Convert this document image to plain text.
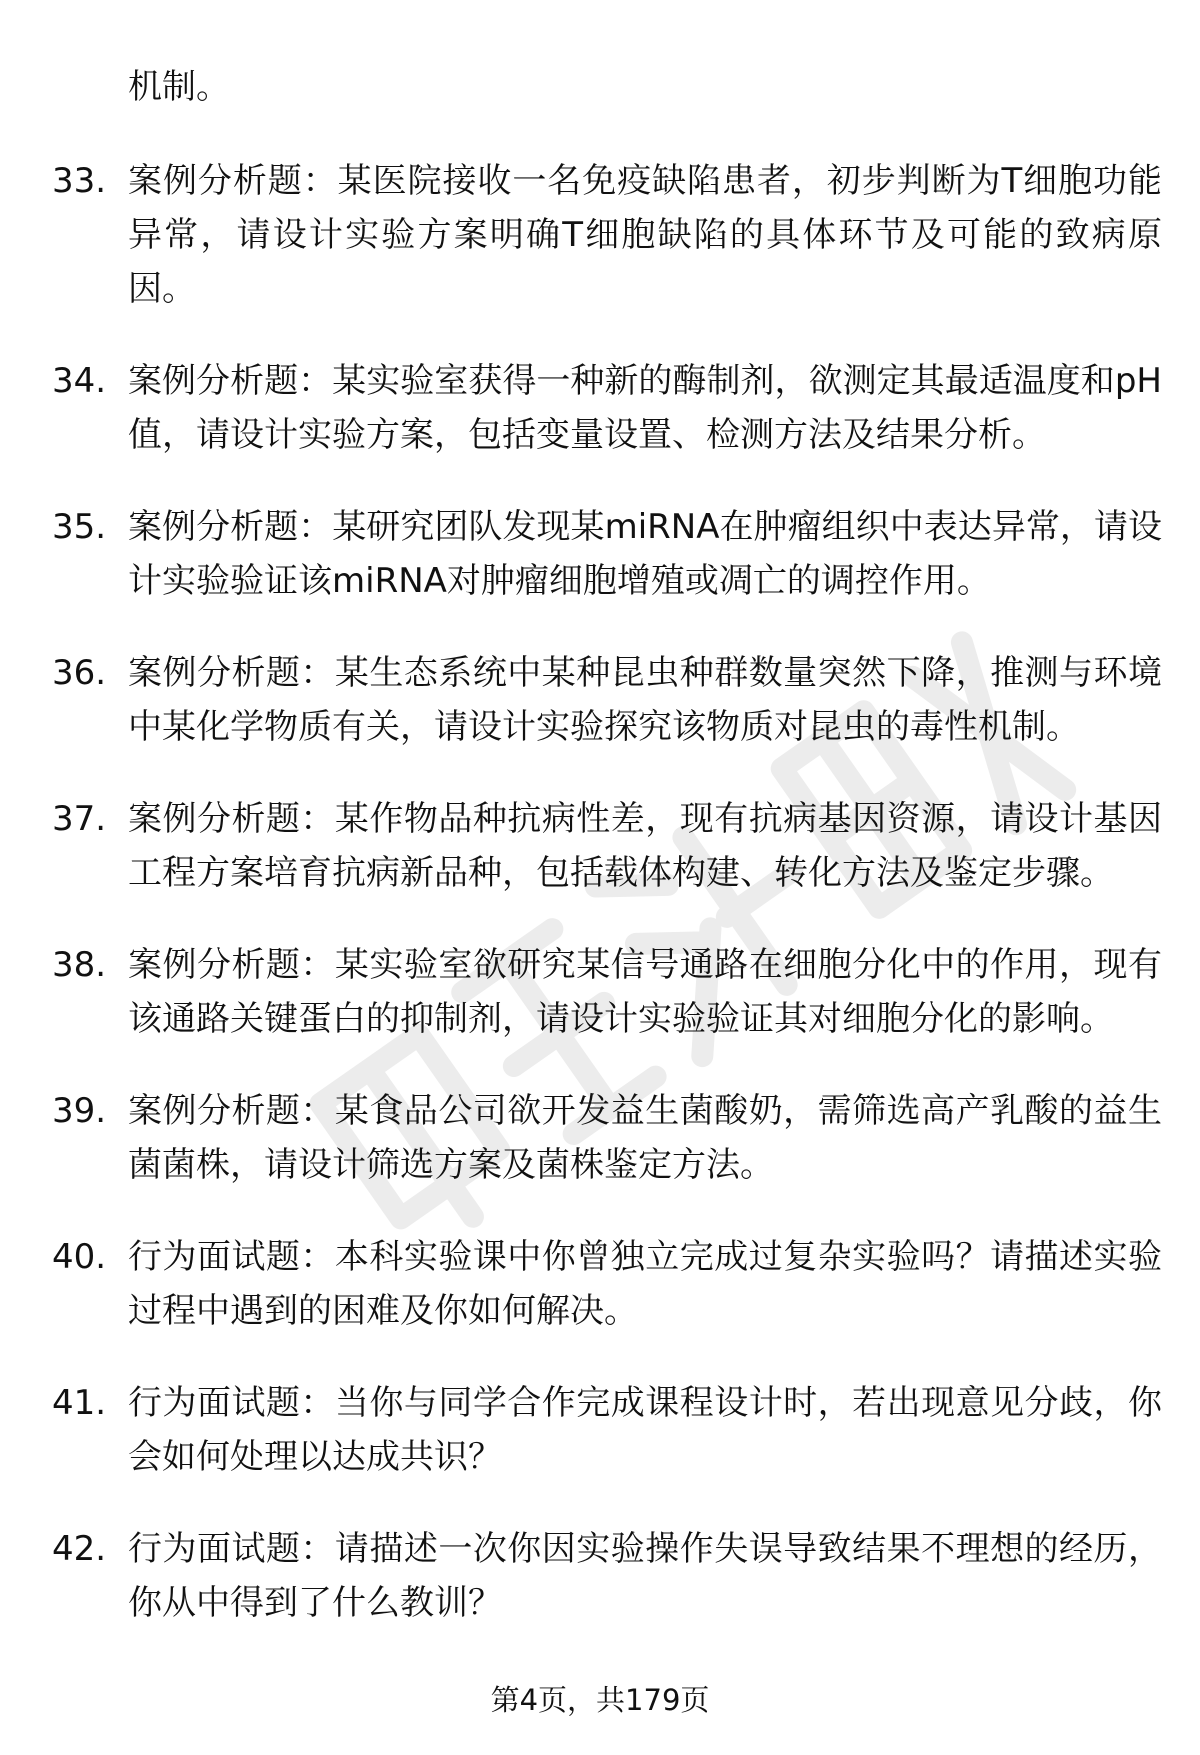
机制。
33. 案例分析题：某医院接收一名免疫缺陷患者，初步判断为T细胞功能异常，请设计实验方案明确T细胞缺陷的具体环节及可能的致病原因。
34. 案例分析题：某实验室获得一种新的酶制剂，欲测定其最适温度和pH值，请设计实验方案，包括变量设置、检测方法及结果分析。
35. 案例分析题：某研究团队发现某miRNA在肿瘤组织中表达异常，请设计实验验证该miRNA对肿瘤细胞增殖或凋亡的调控作用。
36. 案例分析题：某生态系统中某种昆虫种群数量突然下降，推测与环境中某化学物质有关，请设计实验探究该物质对昆虫的毒性机制。
37. 案例分析题：某作物品种抗病性差，现有抗病基因资源，请设计基因工程方案培育抗病新品种，包括载体构建、转化方法及鉴定步骤。
38. 案例分析题：某实验室欲研究某信号通路在细胞分化中的作用，现有该通路关键蛋白的抑制剂，请设计实验验证其对细胞分化的影响。
39. 案例分析题：某食品公司欲开发益生菌酸奶，需筛选高产乳酸的益生菌菌株，请设计筛选方案及菌株鉴定方法。
40. 行为面试题：本科实验课中你曾独立完成过复杂实验吗？请描述实验过程中遇到的困难及你如何解决。
41. 行为面试题：当你与同学合作完成课程设计时，若出现意见分歧，你会如何处理以达成共识？
42. 行为面试题：请描述一次你因实验操作失误导致结果不理想的经历，你从中得到了什么教训？
第4页，共179页
